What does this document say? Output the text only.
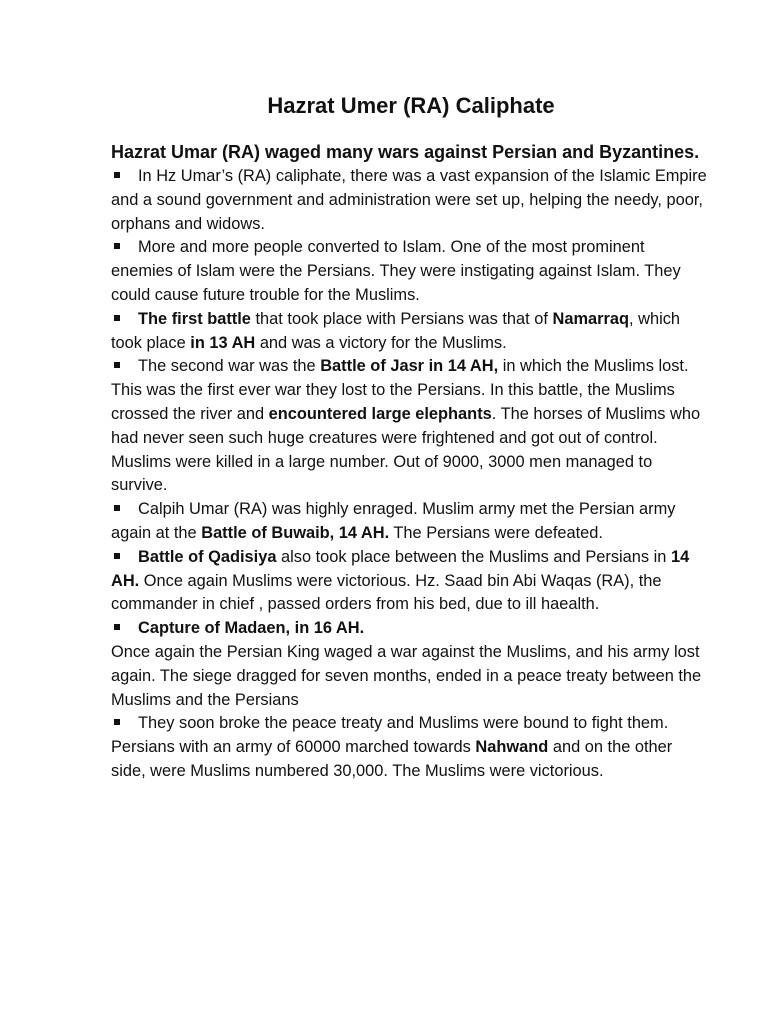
Hazrat Umer (RA) Caliphate
Hazrat Umar (RA) waged many wars against Persian and Byzantines.

In Hz Umar’s (RA) caliphate, there was a vast expansion of the Islamic Empire and a sound government and administration were set up, helping the needy, poor, orphans and widows.

More and more people converted to Islam. One of the most prominent enemies of Islam were the Persians. They were instigating against Islam. They could cause future trouble for the Muslims.

The first battle that took place with Persians was that of Namarraq, which took place in 13 AH and was a victory for the Muslims.

The second war was the Battle of Jasr in 14 AH, in which the Muslims lost. This was the first ever war they lost to the Persians. In this battle, the Muslims crossed the river and encountered large elephants. The horses of Muslims who had never seen such huge creatures were frightened and got out of control. Muslims were killed in a large number. Out of 9000, 3000 men managed to survive.

Calpih Umar (RA) was highly enraged. Muslim army met the Persian army again at the Battle of Buwaib, 14 AH. The Persians were defeated.

Battle of Qadisiya also took place between the Muslims and Persians in 14 AH. Once again Muslims were victorious. Hz. Saad bin Abi Waqas (RA), the commander in chief , passed orders from his bed, due to ill haealth.

Capture of Madaen, in 16 AH.

Once again the Persian King waged a war against the Muslims, and his army lost again. The siege dragged for seven months, ended in a peace treaty between the Muslims and the Persians

They soon broke the peace treaty and Muslims were bound to fight them. Persians with an army of 60000 marched towards Nahwand and on the other side, were Muslims numbered 30,000. The Muslims were victorious.
